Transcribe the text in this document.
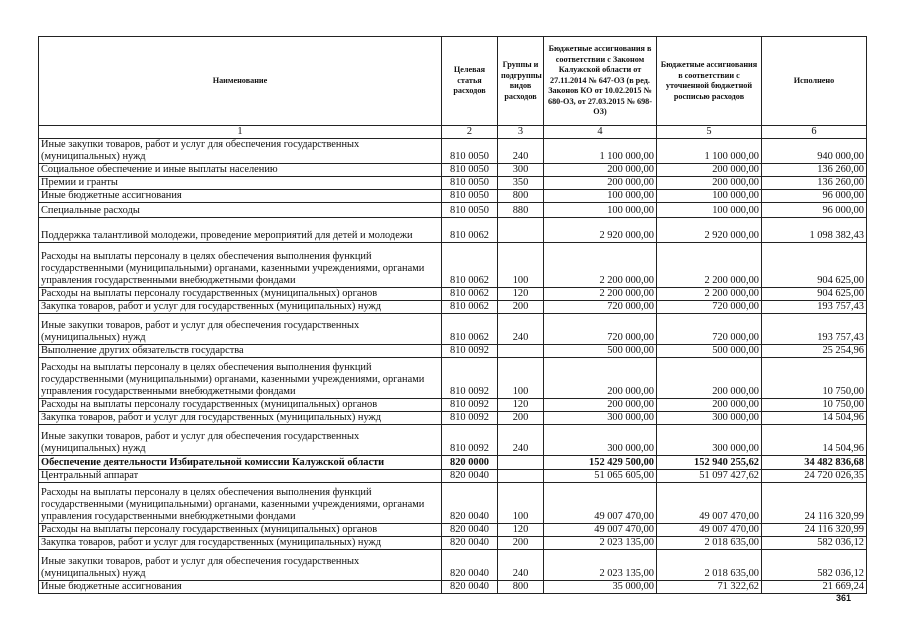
Наименование	Целевая статья расходов	Группы и подгруппы видов расходов	Бюджетные ассигнования в соответствии с Законом Калужской области от 27.11.2014 № 647-ОЗ (в ред. Законов КО от 10.02.2015 № 680-ОЗ, от 27.03.2015 № 698-ОЗ)	Бюджетные ассигнования в соответствии с уточненной бюджетной росписью расходов	Исполнено
1	2	3	4	5	6
Иные закупки товаров, работ и услуг для обеспечения государственных (муниципальных) нужд	810 0050	240	1 100 000,00	1 100 000,00	940 000,00
Социальное обеспечение и иные выплаты населению	810 0050	300	200 000,00	200 000,00	136 260,00
Премии и гранты	810 0050	350	200 000,00	200 000,00	136 260,00
Иные бюджетные ассигнования	810 0050	800	100 000,00	100 000,00	96 000,00
Специальные расходы	810 0050	880	100 000,00	100 000,00	96 000,00
Поддержка талантливой молодежи, проведение мероприятий для детей и молодежи	810 0062		2 920 000,00	2 920 000,00	1 098 382,43
Расходы на выплаты персоналу в целях обеспечения выполнения функций государственными (муниципальными) органами, казенными учреждениями, органами управления государственными внебюджетными фондами	810 0062	100	2 200 000,00	2 200 000,00	904 625,00
Расходы на выплаты персоналу государственных (муниципальных) органов	810 0062	120	2 200 000,00	2 200 000,00	904 625,00
Закупка товаров, работ и услуг для государственных (муниципальных) нужд	810 0062	200	720 000,00	720 000,00	193 757,43
Иные закупки товаров, работ и услуг для обеспечения государственных (муниципальных) нужд	810 0062	240	720 000,00	720 000,00	193 757,43
Выполнение других обязательств государства	810 0092		500 000,00	500 000,00	25 254,96
Расходы на выплаты персоналу в целях обеспечения выполнения функций государственными (муниципальными) органами, казенными учреждениями, органами управления государственными внебюджетными фондами	810 0092	100	200 000,00	200 000,00	10 750,00
Расходы на выплаты персоналу государственных (муниципальных) органов	810 0092	120	200 000,00	200 000,00	10 750,00
Закупка товаров, работ и услуг для государственных (муниципальных) нужд	810 0092	200	300 000,00	300 000,00	14 504,96
Иные закупки товаров, работ и услуг для обеспечения государственных (муниципальных) нужд	810 0092	240	300 000,00	300 000,00	14 504,96
Обеспечение деятельности Избирательной комиссии Калужской области	820 0000		152 429 500,00	152 940 255,62	34 482 836,68
Центральный аппарат	820 0040		51 065 605,00	51 097 427,62	24 720 026,35
Расходы на выплаты персоналу в целях обеспечения выполнения функций государственными (муниципальными) органами, казенными учреждениями, органами управления государственными внебюджетными фондами	820 0040	100	49 007 470,00	49 007 470,00	24 116 320,99
Расходы на выплаты персоналу государственных (муниципальных) органов	820 0040	120	49 007 470,00	49 007 470,00	24 116 320,99
Закупка товаров, работ и услуг для государственных (муниципальных) нужд	820 0040	200	2 023 135,00	2 018 635,00	582 036,12
Иные закупки товаров, работ и услуг для обеспечения государственных (муниципальных) нужд	820 0040	240	2 023 135,00	2 018 635,00	582 036,12
Иные бюджетные ассигнования	820 0040	800	35 000,00	71 322,62	21 669,24
361
